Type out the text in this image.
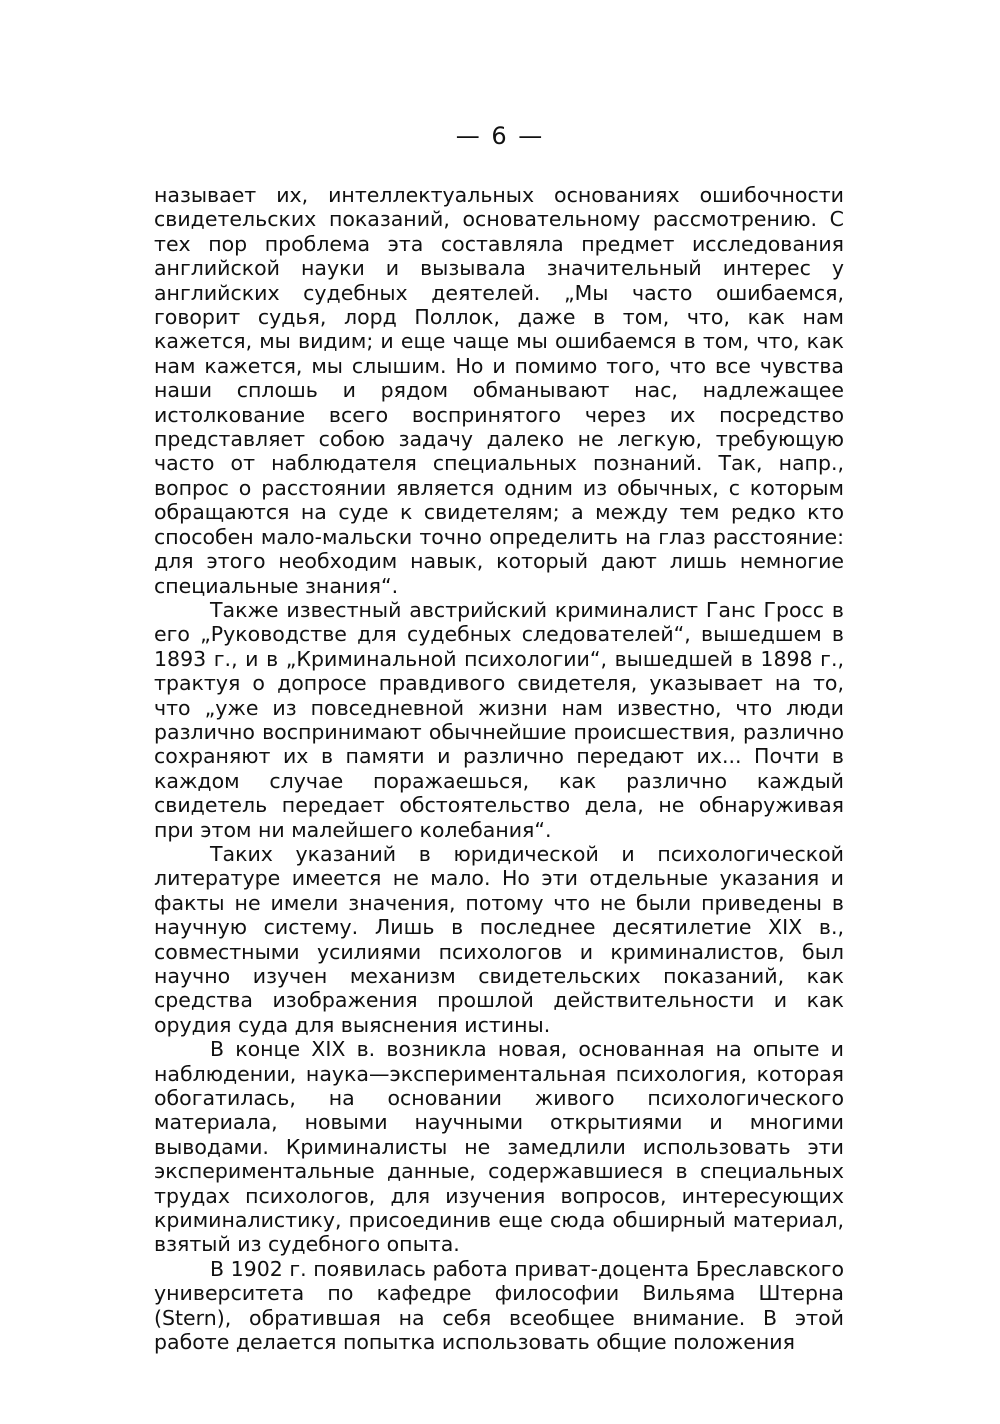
— 6 —

называет их, интеллектуальных основаниях ошибочности свидетельских показаний, основательному рассмотрению. С тех пор проблема эта составляла предмет исследования английской науки и вызывала значительный интерес у английских судебных деятелей. „Мы часто ошибаемся, говорит судья, лорд Поллок, даже в том, что, как нам кажется, мы видим; и еще чаще мы ошибаемся в том, что, как нам кажется, мы слышим. Но и помимо того, что все чувства наши сплошь и рядом обманывают нас, надлежащее истолкование всего воспринятого через их посредство представляет собою задачу далеко не легкую, требующую часто от наблюдателя специальных познаний. Так, напр., вопрос о расстоянии является одним из обычных, с которым обращаются на суде к свидетелям; а между тем редко кто способен мало-мальски точно определить на глаз расстояние: для этого необходим навык, который дают лишь немногие специальные знания“.

Также известный австрийский криминалист Ганс Гросс в его „Руководстве для судебных следователей“, вышедшем в 1893 г., и в „Криминальной психологии“, вышедшей в 1898 г., трактуя о допросе правдивого свидетеля, указывает на то, что „уже из повседневной жизни нам известно, что люди различно воспринимают обычнейшие происшествия, различно сохраняют их в памяти и различно передают их... Почти в каждом случае поражаешься, как различно каждый свидетель передает обстоятельство дела, не обнаруживая при этом ни малейшего колебания“.

Таких указаний в юридической и психологической литературе имеется не мало. Но эти отдельные указания и факты не имели значения, потому что не были приведены в научную систему. Лишь в последнее десятилетие XIX в., совместными усилиями психологов и криминалистов, был научно изучен механизм свидетельских показаний, как средства изображения прошлой действительности и как орудия суда для выяснения истины.

В конце XIX в. возникла новая, основанная на опыте и наблюдении, наука—экспериментальная психология, которая обогатилась, на основании живого психологического материала, новыми научными открытиями и многими выводами. Криминалисты не замедлили использовать эти экспериментальные данные, содержавшиеся в специальных трудах психологов, для изучения вопросов, интересующих криминалистику, присоединив еще сюда обширный материал, взятый из судебного опыта.

В 1902 г. появилась работа приват-доцента Бреславского университета по кафедре философии Вильяма Штерна (Stern), обратившая на себя всеобщее внимание. В этой работе делается попытка использовать общие положения
